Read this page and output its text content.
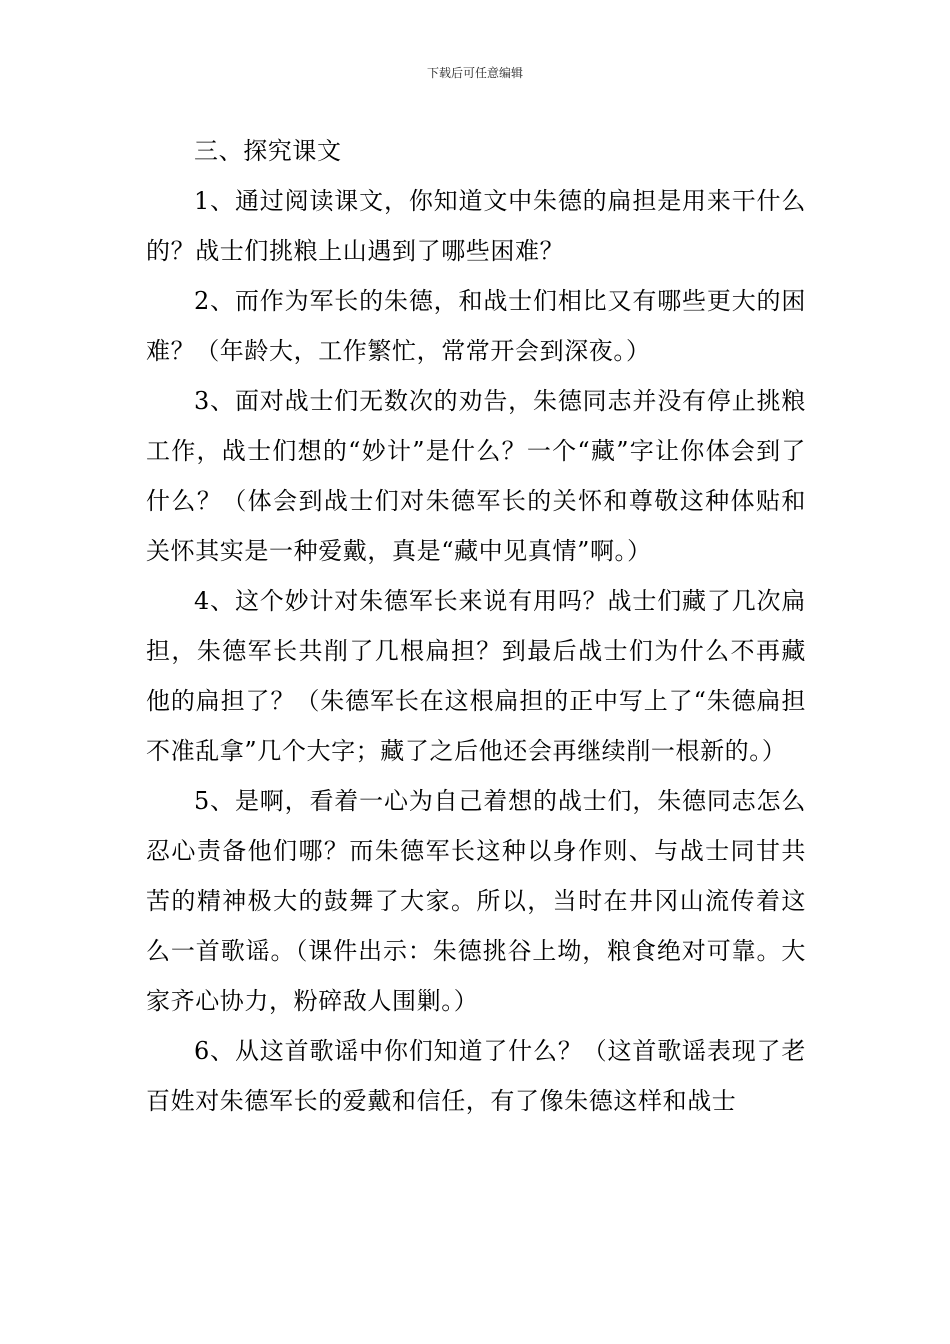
下载后可任意编辑

三、探究课文

1、通过阅读课文，你知道文中朱德的扁担是用来干什么的？战士们挑粮上山遇到了哪些困难？

2、而作为军长的朱德，和战士们相比又有哪些更大的困难？（年龄大，工作繁忙，常常开会到深夜。）

3、面对战士们无数次的劝告，朱德同志并没有停止挑粮工作，战士们想的“妙计”是什么？一个“藏”字让你体会到了什么？（体会到战士们对朱德军长的关怀和尊敬这种体贴和关怀其实是一种爱戴，真是“藏中见真情”啊。）

4、这个妙计对朱德军长来说有用吗？战士们藏了几次扁担，朱德军长共削了几根扁担？到最后战士们为什么不再藏他的扁担了？（朱德军长在这根扁担的正中写上了“朱德扁担不准乱拿”几个大字；藏了之后他还会再继续削一根新的。）

5、是啊，看着一心为自己着想的战士们，朱德同志怎么忍心责备他们哪？而朱德军长这种以身作则、与战士同甘共苦的精神极大的鼓舞了大家。所以，当时在井冈山流传着这么一首歌谣。（课件出示：朱德挑谷上坳，粮食绝对可靠。大家齐心协力，粉碎敌人围剿。）

6、从这首歌谣中你们知道了什么？（这首歌谣表现了老百姓对朱德军长的爱戴和信任，有了像朱德这样和战士
